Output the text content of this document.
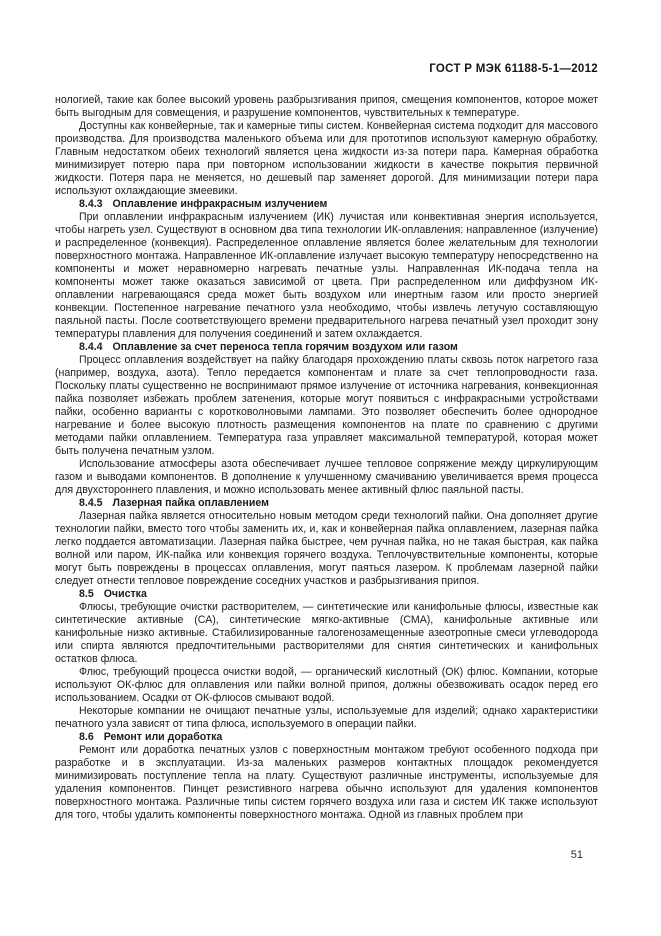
ГОСТ Р МЭК 61188-5-1—2012

нологией, такие как более высокий уровень разбрызгивания припоя, смещения компонентов, которое может быть выгодным для совмещения, и разрушение компонентов, чувствительных к температуре.

Доступны как конвейерные, так и камерные типы систем. Конвейерная система подходит для массового производства. Для производства маленького объема или для прототипов используют камерную обработку. Главным недостатком обеих технологий является цена жидкости из-за потери пара. Камерная обработка минимизирует потерю пара при повторном использовании жидкости в качестве покрытия первичной жидкости. Потеря пара не меняется, но дешевый пар заменяет дорогой. Для минимизации потери пара используют охлаждающие змеевики.

8.4.3 Оплавление инфракрасным излучением

При оплавлении инфракрасным излучением (ИК) лучистая или конвективная энергия используется, чтобы нагреть узел. Существуют в основном два типа технологии ИК-оплавления: направленное (излучение) и распределенное (конвекция). Распределенное оплавление является более желательным для технологии поверхностного монтажа. Направленное ИК-оплавление излучает высокую температуру непосредственно на компоненты и может неравномерно нагревать печатные узлы. Направленная ИК-подача тепла на компоненты может также оказаться зависимой от цвета. При распределенном или диффузном ИК-оплавлении нагревающаяся среда может быть воздухом или инертным газом или просто энергией конвекции. Постепенное нагревание печатного узла необходимо, чтобы извлечь летучую составляющую паяльной пасты. После соответствующего времени предварительного нагрева печатный узел проходит зону температуры плавления для получения соединений и затем охлаждается.

8.4.4 Оплавление за счет переноса тепла горячим воздухом или газом

Процесс оплавления воздействует на пайку благодаря прохождению платы сквозь поток нагретого газа (например, воздуха, азота). Тепло передается компонентам и плате за счет теплопроводности газа. Поскольку платы существенно не воспринимают прямое излучение от источника нагревания, конвекционная пайка позволяет избежать проблем затенения, которые могут появиться с инфракрасными устройствами пайки, особенно варианты с коротковолновыми лампами. Это позволяет обеспечить более однородное нагревание и более высокую плотность размещения компонентов на плате по сравнению с другими методами пайки оплавлением. Температура газа управляет максимальной температурой, которая может быть получена печатным узлом.

Использование атмосферы азота обеспечивает лучшее тепловое сопряжение между циркулирующим газом и выводами компонентов. В дополнение к улучшенному смачиванию увеличивается время процесса для двухстороннего плавления, и можно использовать менее активный флюс паяльной пасты.

8.4.5 Лазерная пайка оплавлением

Лазерная пайка является относительно новым методом среди технологий пайки. Она дополняет другие технологии пайки, вместо того чтобы заменить их, и, как и конвейерная пайка оплавлением, лазерная пайка легко поддается автоматизации. Лазерная пайка быстрее, чем ручная пайка, но не такая быстрая, как пайка волной или паром, ИК-пайка или конвекция горячего воздуха. Теплочувствительные компоненты, которые могут быть повреждены в процессах оплавления, могут паяться лазером. К проблемам лазерной пайки следует отнести тепловое повреждение соседних участков и разбрызгивания припоя.

8.5 Очистка

Флюсы, требующие очистки растворителем, — синтетические или канифольные флюсы, известные как синтетические активные (СА), синтетические мягко-активные (СМА), канифольные активные или канифольные низко активные. Стабилизированные галогенозамещенные азеотропные смеси углеводорода или спирта являются предпочтительными растворителями для снятия синтетических и канифольных остатков флюса.

Флюс, требующий процесса очистки водой, — органический кислотный (ОК) флюс. Компании, которые используют ОК-флюс для оплавления или пайки волной припоя, должны обезвоживать осадок перед его использованием. Осадки от ОК-флюсов смывают водой.

Некоторые компании не очищают печатные узлы, используемые для изделий; однако характеристики печатного узла зависят от типа флюса, используемого в операции пайки.

8.6 Ремонт или доработка

Ремонт или доработка печатных узлов с поверхностным монтажом требуют особенного подхода при разработке и в эксплуатации. Из-за маленьких размеров контактных площадок рекомендуется минимизировать поступление тепла на плату. Существуют различные инструменты, используемые для удаления компонентов. Пинцет резистивного нагрева обычно используют для удаления компонентов поверхностного монтажа. Различные типы систем горячего воздуха или газа и систем ИК также используют для того, чтобы удалить компоненты поверхностного монтажа. Одной из главных проблем при

51
